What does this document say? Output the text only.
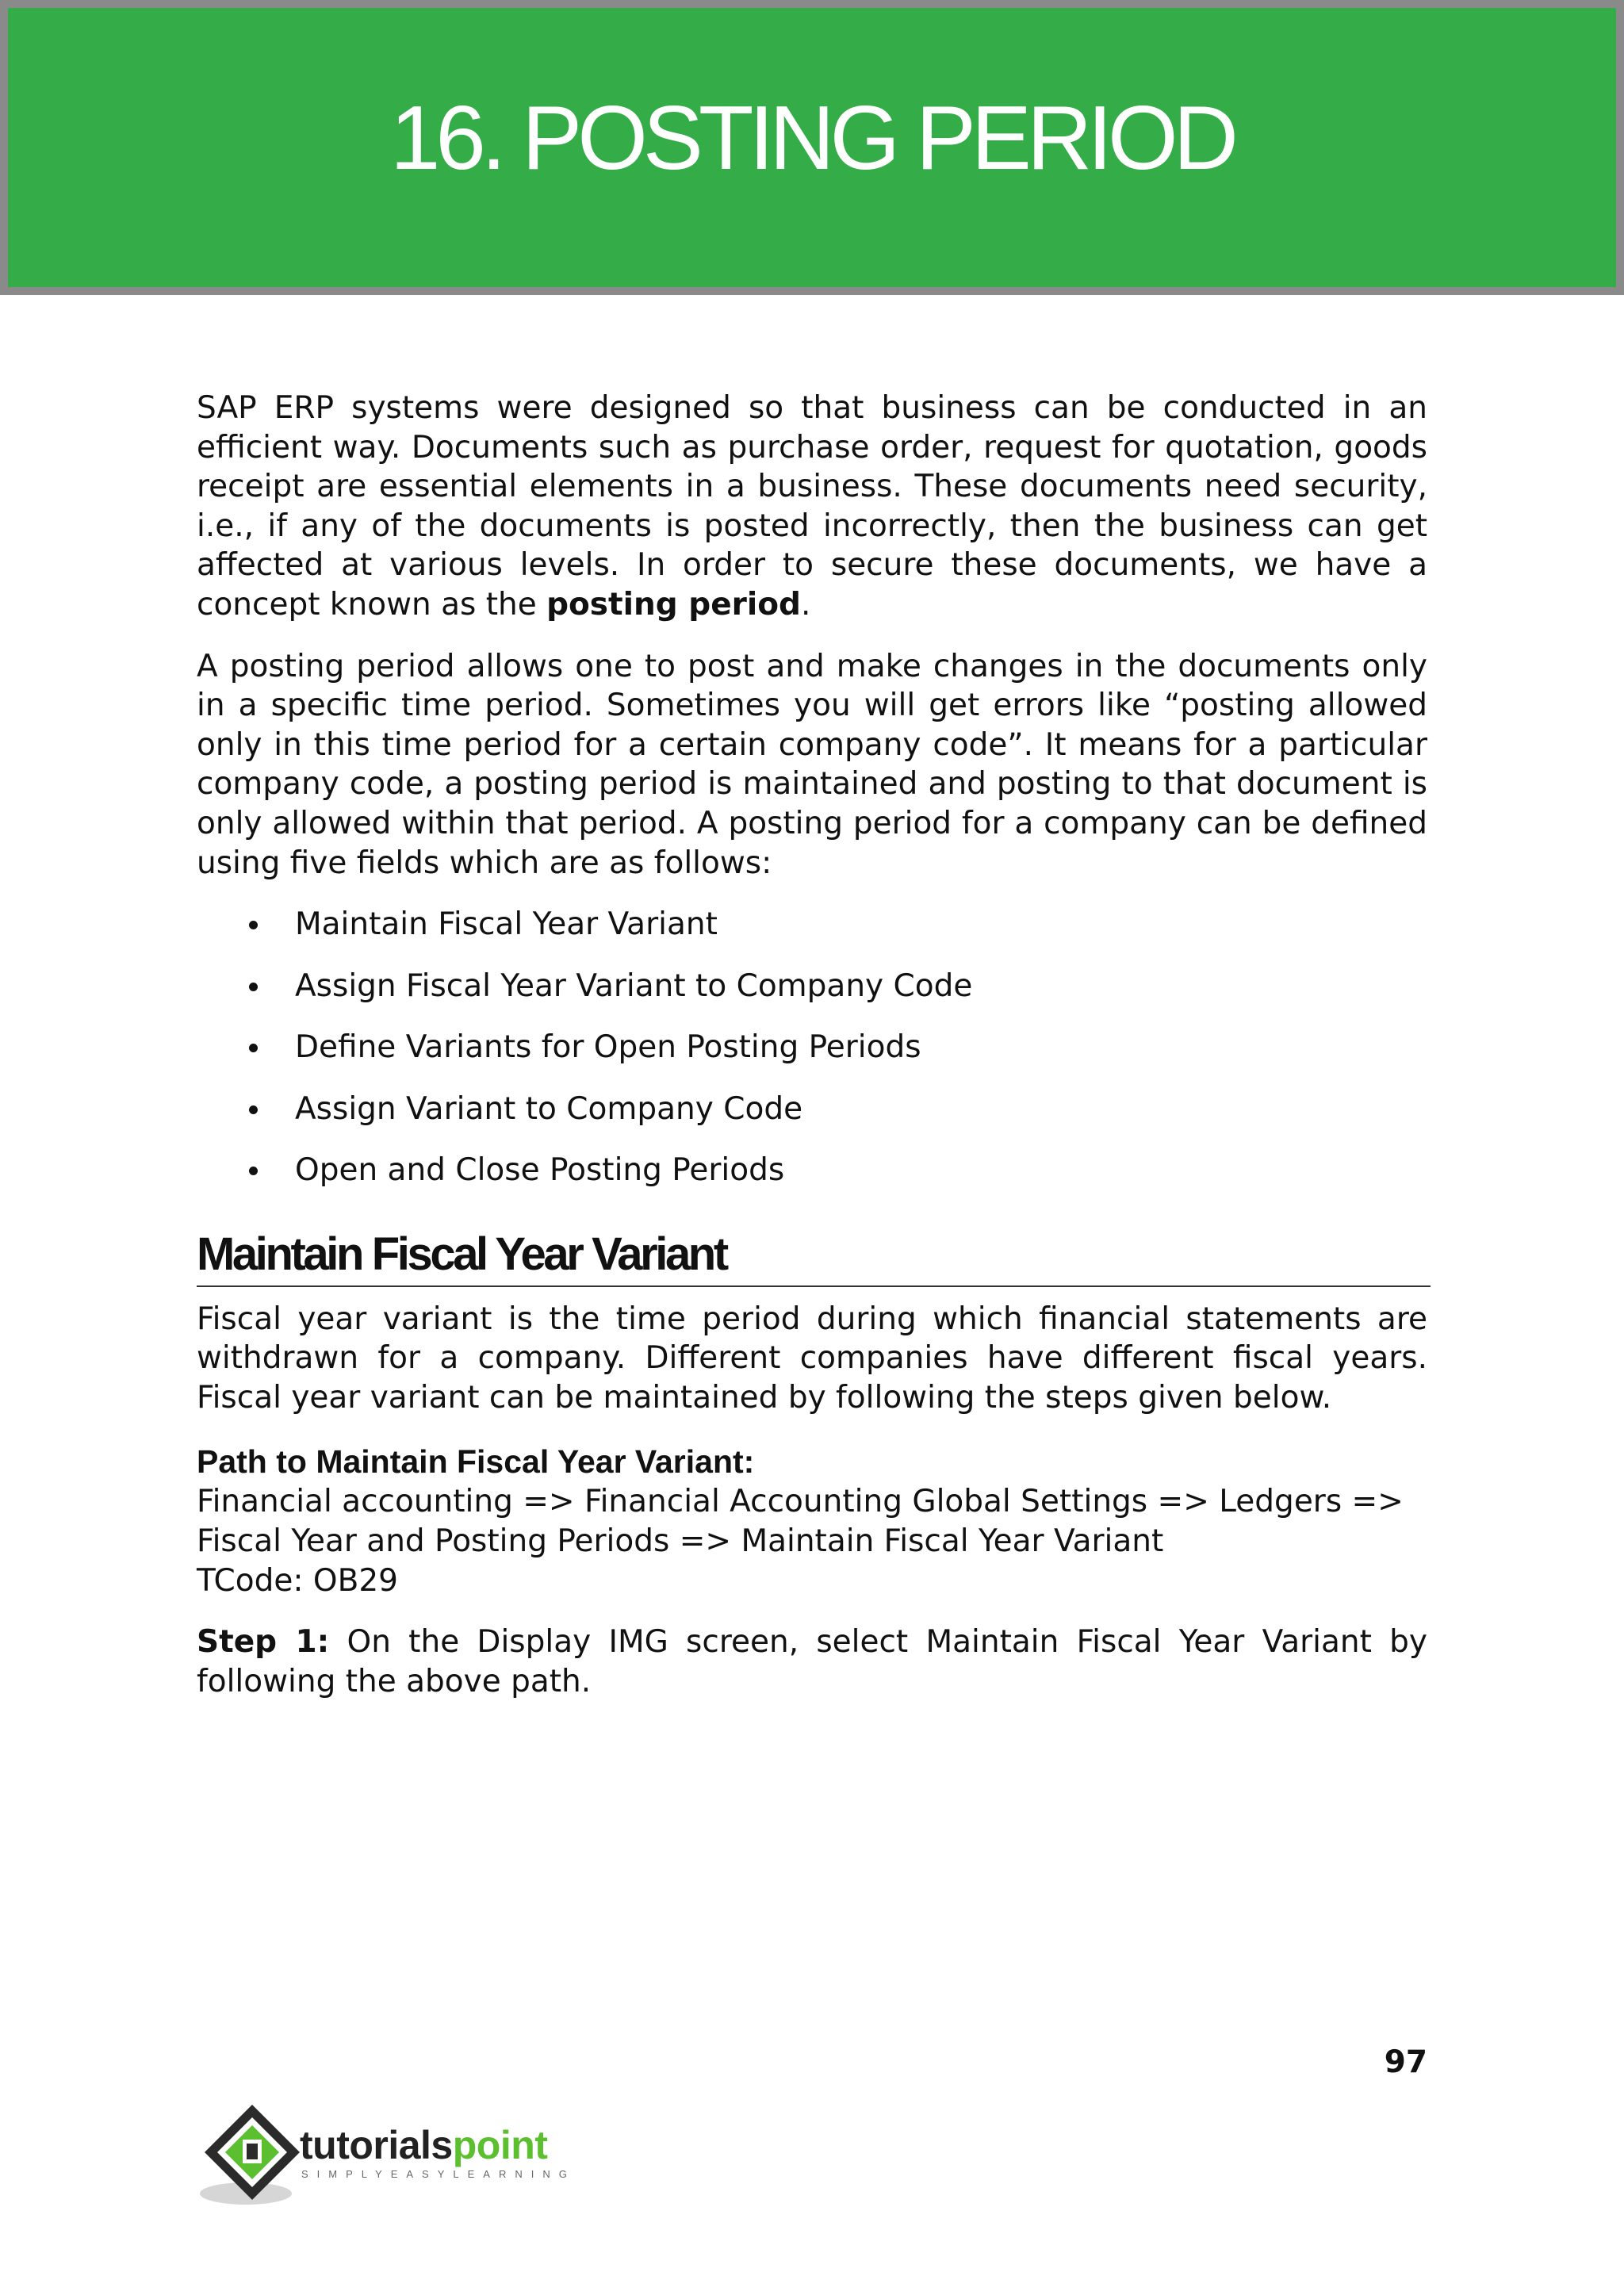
16. POSTING PERIOD

SAP ERP systems were designed so that business can be conducted in an efficient way. Documents such as purchase order, request for quotation, goods receipt are essential elements in a business. These documents need security, i.e., if any of the documents is posted incorrectly, then the business can get affected at various levels. In order to secure these documents, we have a concept known as the posting period.

A posting period allows one to post and make changes in the documents only in a specific time period. Sometimes you will get errors like “posting allowed only in this time period for a certain company code”. It means for a particular company code, a posting period is maintained and posting to that document is only allowed within that period. A posting period for a company can be defined using five fields which are as follows:

Maintain Fiscal Year Variant
Assign Fiscal Year Variant to Company Code
Define Variants for Open Posting Periods
Assign Variant to Company Code
Open and Close Posting Periods
Maintain Fiscal Year Variant

Fiscal year variant is the time period during which financial statements are withdrawn for a company. Different companies have different fiscal years. Fiscal year variant can be maintained by following the steps given below.

Path to Maintain Fiscal Year Variant:

Financial accounting => Financial Accounting Global Settings => Ledgers =>

Fiscal Year and Posting Periods => Maintain Fiscal Year Variant

TCode: OB29

Step 1: On the Display IMG screen, select Maintain Fiscal Year Variant by following the above path.

97
tutorialspoint
SIMPLYEASYLEARNING
